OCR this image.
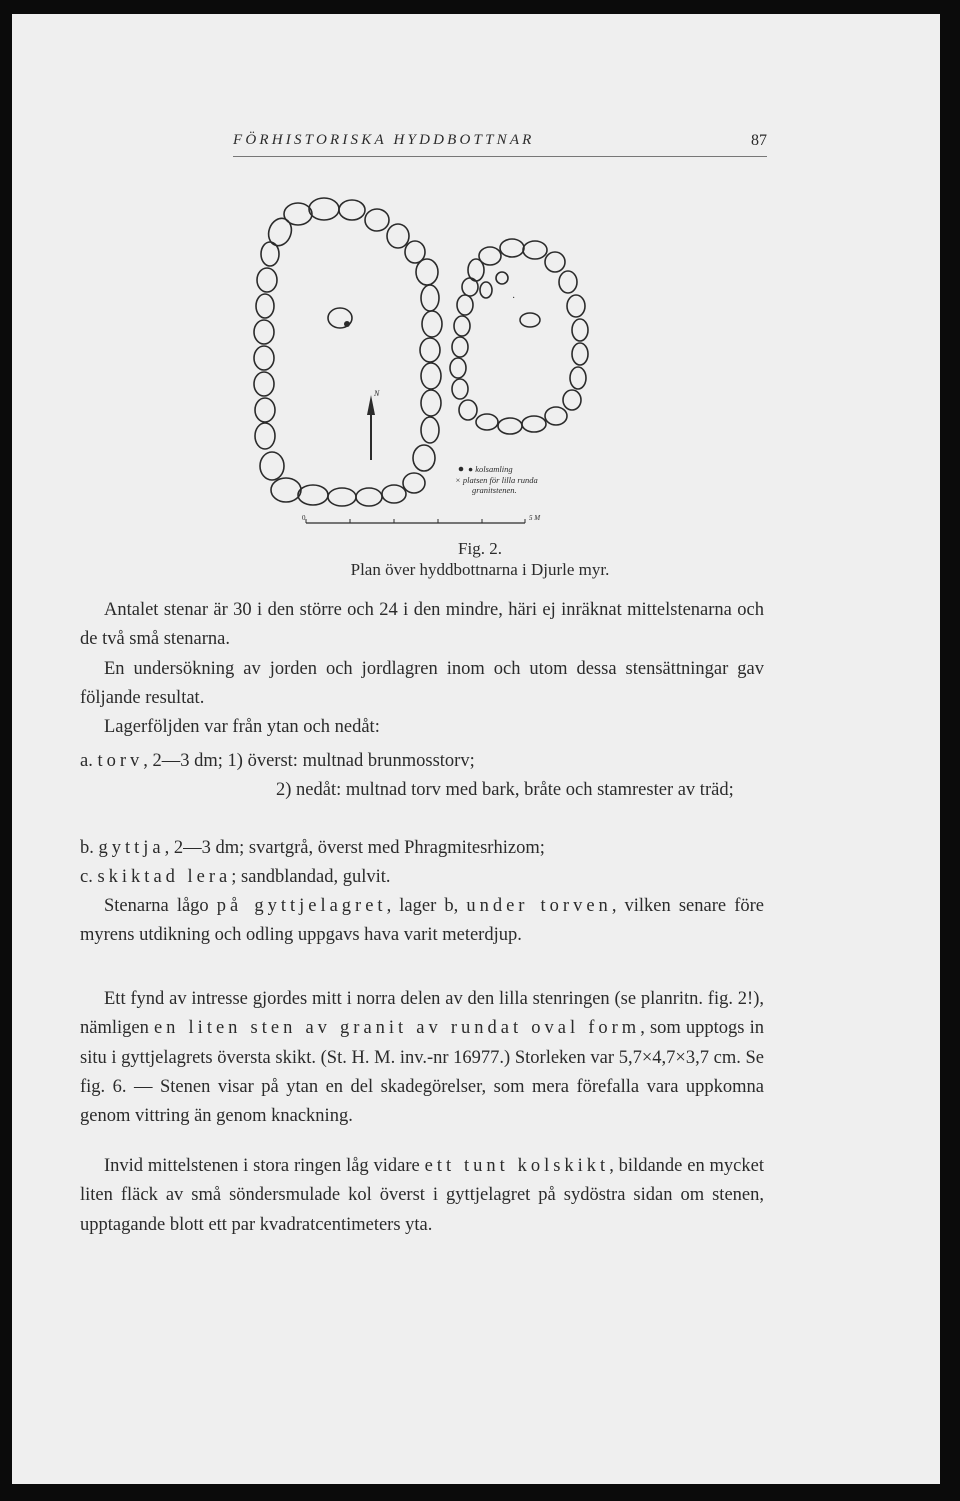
FÖRHISTORISKA HYDDBOTTNAR	87
N
·
● kolsamling
× platsen för lilla runda
granitstenen.
0	5 M
Fig. 2.
Plan över hyddbottnarna i Djurle myr.
Antalet stenar är 30 i den större och 24 i den mindre, häri ej inräknat mittelstenarna och de två små stenarna.
En undersökning av jorden och jordlagren inom och utom dessa stensättningar gav följande resultat.
Lagerföljden var från ytan och nedåt:
a. torv, 2—3 dm; 1) överst: multnad brunmosstorv;
2) nedåt: multnad torv med bark, bråte och stamrester av träd;
b. gyttja, 2—3 dm; svartgrå, överst med Phragmitesrhizom;
c. skiktad lera; sandblandad, gulvit.
Stenarna lågo på gyttjelagret, lager b, under torven, vilken senare före myrens utdikning och odling uppgavs hava varit meterdjup.
Ett fynd av intresse gjordes mitt i norra delen av den lilla stenringen (se planritn. fig. 2!), nämligen en liten sten av granit av rundat oval form, som upptogs in situ i gyttjelagrets översta skikt. (St. H. M. inv.-nr 16977.) Storleken var 5,7×4,7×3,7 cm. Se fig. 6. — Stenen visar på ytan en del skadegörelser, som mera förefalla vara uppkomna genom vittring än genom knackning.
Invid mittelstenen i stora ringen låg vidare ett tunt kolskikt, bildande en mycket liten fläck av små söndersmulade kol överst i gyttjelagret på sydöstra sidan om stenen, upptagande blott ett par kvadratcentimeters yta.
